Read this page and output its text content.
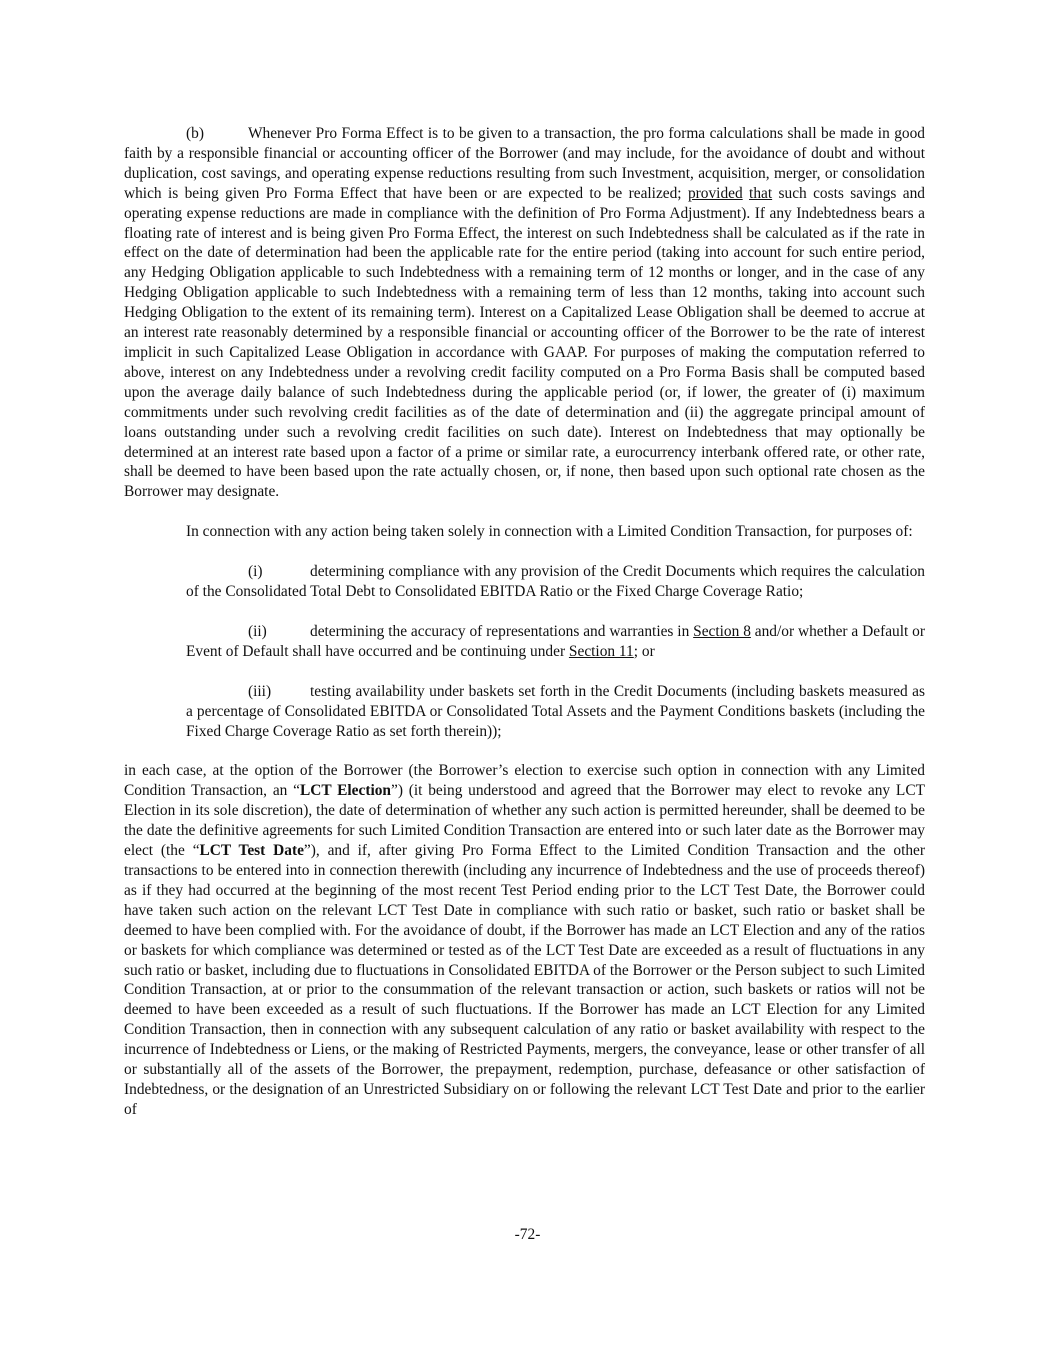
(b)	Whenever Pro Forma Effect is to be given to a transaction, the pro forma calculations shall be made in good faith by a responsible financial or accounting officer of the Borrower (and may include, for the avoidance of doubt and without duplication, cost savings, and operating expense reductions resulting from such Investment, acquisition, merger, or consolidation which is being given Pro Forma Effect that have been or are expected to be realized; provided that such costs savings and operating expense reductions are made in compliance with the definition of Pro Forma Adjustment). If any Indebtedness bears a floating rate of interest and is being given Pro Forma Effect, the interest on such Indebtedness shall be calculated as if the rate in effect on the date of determination had been the applicable rate for the entire period (taking into account for such entire period, any Hedging Obligation applicable to such Indebtedness with a remaining term of 12 months or longer, and in the case of any Hedging Obligation applicable to such Indebtedness with a remaining term of less than 12 months, taking into account such Hedging Obligation to the extent of its remaining term). Interest on a Capitalized Lease Obligation shall be deemed to accrue at an interest rate reasonably determined by a responsible financial or accounting officer of the Borrower to be the rate of interest implicit in such Capitalized Lease Obligation in accordance with GAAP. For purposes of making the computation referred to above, interest on any Indebtedness under a revolving credit facility computed on a Pro Forma Basis shall be computed based upon the average daily balance of such Indebtedness during the applicable period (or, if lower, the greater of (i) maximum commitments under such revolving credit facilities as of the date of determination and (ii) the aggregate principal amount of loans outstanding under such a revolving credit facilities on such date). Interest on Indebtedness that may optionally be determined at an interest rate based upon a factor of a prime or similar rate, a eurocurrency interbank offered rate, or other rate, shall be deemed to have been based upon the rate actually chosen, or, if none, then based upon such optional rate chosen as the Borrower may designate.

In connection with any action being taken solely in connection with a Limited Condition Transaction, for purposes of:

(i)	determining compliance with any provision of the Credit Documents which requires the calculation of the Consolidated Total Debt to Consolidated EBITDA Ratio or the Fixed Charge Coverage Ratio;

(ii)	determining the accuracy of representations and warranties in Section 8 and/or whether a Default or Event of Default shall have occurred and be continuing under Section 11; or

(iii)	testing availability under baskets set forth in the Credit Documents (including baskets measured as a percentage of Consolidated EBITDA or Consolidated Total Assets and the Payment Conditions baskets (including the Fixed Charge Coverage Ratio as set forth therein));

in each case, at the option of the Borrower (the Borrower’s election to exercise such option in connection with any Limited Condition Transaction, an “LCT Election”) (it being understood and agreed that the Borrower may elect to revoke any LCT Election in its sole discretion), the date of determination of whether any such action is permitted hereunder, shall be deemed to be the date the definitive agreements for such Limited Condition Transaction are entered into or such later date as the Borrower may elect (the “LCT Test Date”), and if, after giving Pro Forma Effect to the Limited Condition Transaction and the other transactions to be entered into in connection therewith (including any incurrence of Indebtedness and the use of proceeds thereof) as if they had occurred at the beginning of the most recent Test Period ending prior to the LCT Test Date, the Borrower could have taken such action on the relevant LCT Test Date in compliance with such ratio or basket, such ratio or basket shall be deemed to have been complied with. For the avoidance of doubt, if the Borrower has made an LCT Election and any of the ratios or baskets for which compliance was determined or tested as of the LCT Test Date are exceeded as a result of fluctuations in any such ratio or basket, including due to fluctuations in Consolidated EBITDA of the Borrower or the Person subject to such Limited Condition Transaction, at or prior to the consummation of the relevant transaction or action, such baskets or ratios will not be deemed to have been exceeded as a result of such fluctuations. If the Borrower has made an LCT Election for any Limited Condition Transaction, then in connection with any subsequent calculation of any ratio or basket availability with respect to the incurrence of Indebtedness or Liens, or the making of Restricted Payments, mergers, the conveyance, lease or other transfer of all or substantially all of the assets of the Borrower, the prepayment, redemption, purchase, defeasance or other satisfaction of Indebtedness, or the designation of an Unrestricted Subsidiary on or following the relevant LCT Test Date and prior to the earlier of

-72-
